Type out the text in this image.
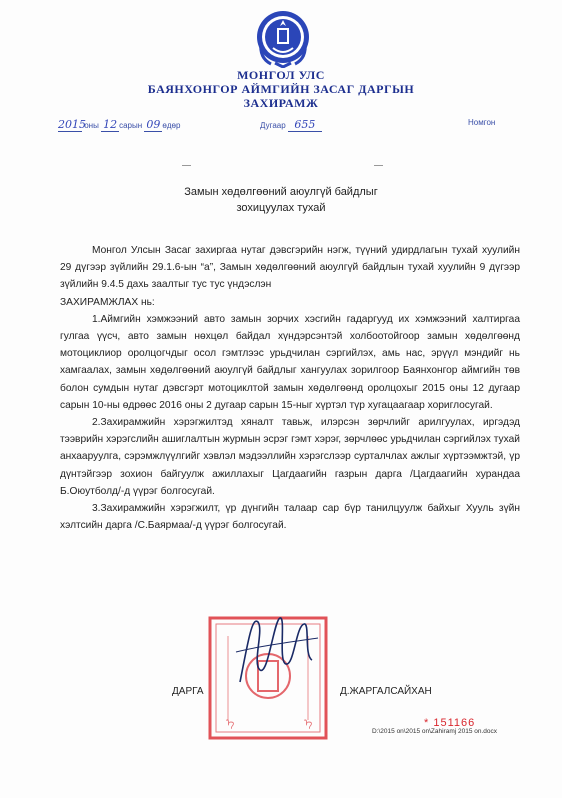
МОНГОЛ УЛС
БАЯНХОНГОР АЙМГИЙН ЗАСАГ ДАРГЫН
ЗАХИРАМЖ
2015 оны 12 сарын 09 өдөр	Дугаар 655	Номгон
Замын хөдөлгөөний аюулгүй байдлыг
зохицуулах тухай

Монгол Улсын Засаг захиргаа нутаг дэвсгэрийн нэгж, түүний удирдлагын тухай хуулийн 29 дүгээр зүйлийн 29.1.6-ын “а”, Замын хөдөлгөөний аюулгүй байдлын тухай хуулийн 9 дүгээр зүйлийн 9.4.5 дахь заалтыг тус тус үндэслэн

ЗАХИРАМЖЛАХ нь:

1.Аймгийн хэмжээний авто замын зорчих хэсгийн гадаргууд их хэмжээний халтиргаа гулгаа үүсч, авто замын нөхцөл байдал хүндэрсэнтэй холбоотойгоор замын хөдөлгөөнд мотоциклиор оролцогчдыг осол гэмтлээс урьдчилан сэргийлэх, амь нас, эрүүл мэндийг нь хамгаалах, замын хөдөлгөөний аюулгүй байдлыг хангуулах зорилгоор Баянхонгор аймгийн төв болон сумдын нутаг дэвсгэрт мотоциклтой замын хөдөлгөөнд оролцохыг 2015 оны 12 дугаар сарын 10-ны өдрөөс 2016 оны 2 дугаар сарын 15-ныг хүртэл түр хугацаагаар хориглосугай.

2.Захирамжийн хэрэгжилтэд хяналт тавьж, илэрсэн зөрчлийг арилгуулах, иргэдэд тээврийн хэрэгслийн ашиглалтын журмын эсрэг гэмт хэрэг, зөрчлөөс урьдчилан сэргийлэх тухай анхааруулга, сэрэмжлүүлгийг хэвлэл мэдээллийн хэрэгслээр сурталчлах ажлыг хүртээмжтэй, үр дүнтэйгээр зохион байгуулж ажиллахыг Цагдаагийн газрын дарга /Цагдаагийн хурандаа Б.Оюутболд/-д үүрэг болгосугай.

3.Захирамжийн хэрэгжилт, үр дүнгийн талаар сар бүр танилцуулж байхыг Хууль зүйн хэлтсийн дарга /С.Баярмаа/-д үүрэг болгосугай.

ᠡ	ᠡ
ДАРГА	Д.ЖАРГАЛСАЙХАН
* 151166
D:\2015 on\2015 on\Zahiramj 2015 on.docx
